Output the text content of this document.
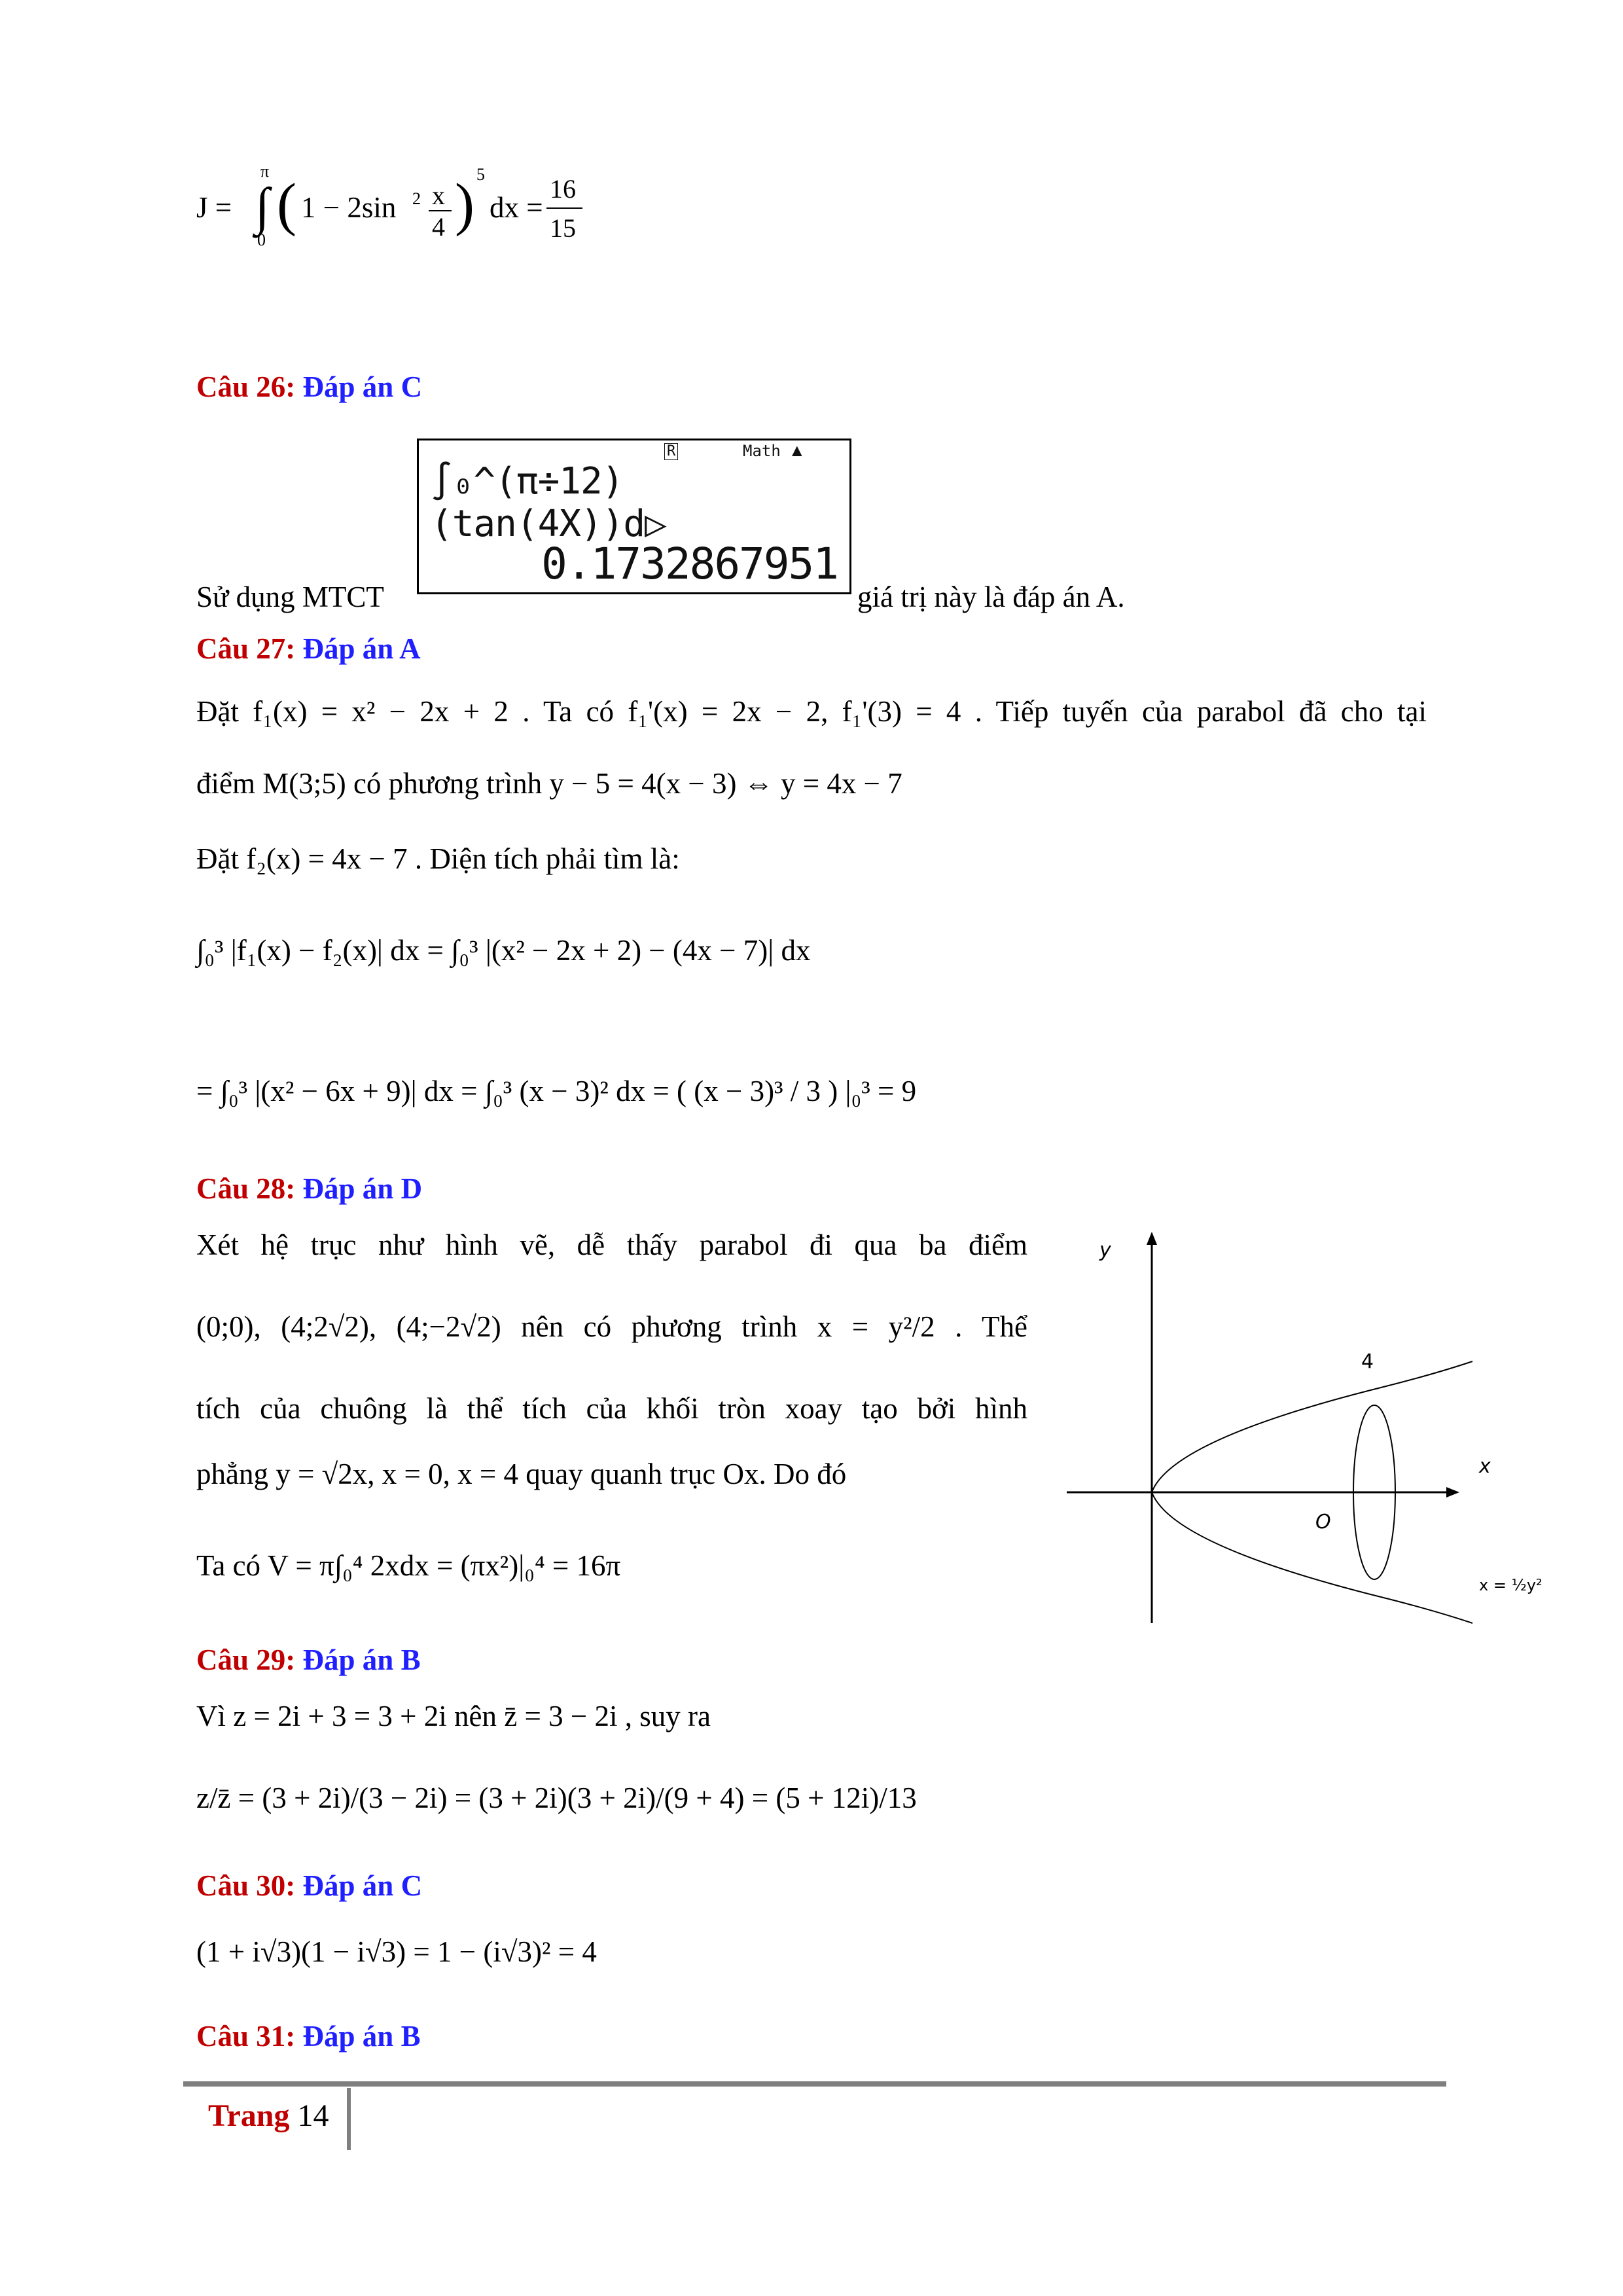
J = ∫
π
0
( 1 − 2sin 2 x
4 ) 5
dx =
16
15
Câu 26: Đáp án C
Sử dụng MTCT
R	Math ▲
∫₀^(π÷12) (tan(4X))d▷
0.1732867951
giá trị này là đáp án A.
Câu 27: Đáp án A
Đặt f₁(x) = x² − 2x + 2 . Ta có f₁'(x) = 2x − 2, f₁'(3) = 4 . Tiếp tuyến của parabol đã cho tại
điểm M(3;5) có phương trình y − 5 = 4(x − 3) ⇔ y = 4x − 7
Đặt f₂(x) = 4x − 7 . Diện tích phải tìm là:
∫₀³ |f₁(x) − f₂(x)| dx = ∫₀³ |(x² − 2x + 2) − (4x − 7)| dx
= ∫₀³ |(x² − 6x + 9)| dx = ∫₀³ (x − 3)² dx = ( (x − 3)³ / 3 ) |₀³ = 9
Câu 28: Đáp án D
Xét hệ trục như hình vẽ, dễ thấy parabol đi qua ba điểm
(0;0), (4;2√2), (4;−2√2) nên có phương trình x = y²/2 . Thể
tích của chuông là thể tích của khối tròn xoay tạo bởi hình
phẳng y = √2x, x = 0, x = 4 quay quanh trục Ox. Do đó
Ta có V = π∫₀⁴ 2xdx = (πx²)|₀⁴ = 16π
y
x
O
4
x = ½y²
Câu 29: Đáp án B
Vì z = 2i + 3 = 3 + 2i nên z̄ = 3 − 2i , suy ra
z/z̄ = (3 + 2i)/(3 − 2i) = (3 + 2i)(3 + 2i)/(9 + 4) = (5 + 12i)/13
Câu 30: Đáp án C
(1 + i√3)(1 − i√3) = 1 − (i√3)² = 4
Câu 31: Đáp án B
Trang 14
